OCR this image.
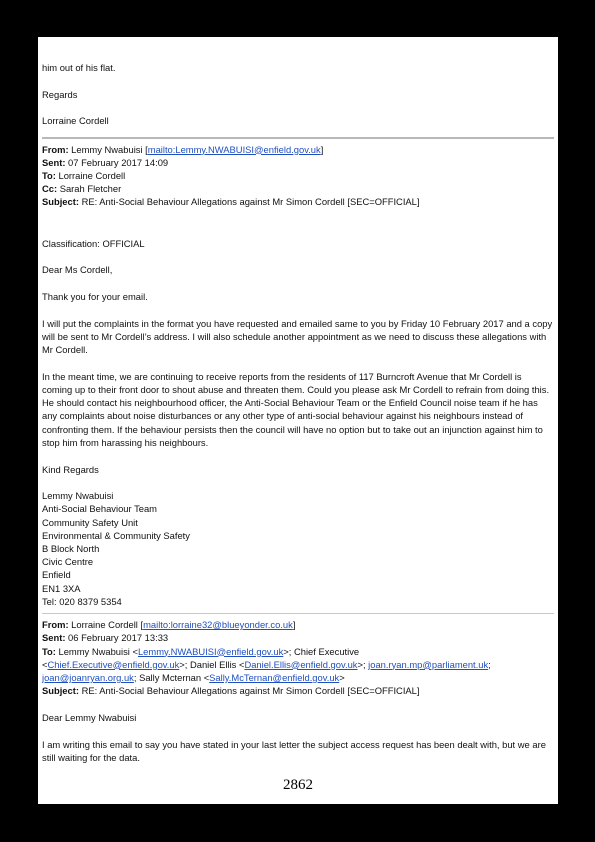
him out of his flat.

Regards

Lorraine Cordell

From: Lemmy Nwabuisi [mailto:Lemmy.NWABUISI@enfield.gov.uk]

Sent: 07 February 2017 14:09

To: Lorraine Cordell

Cc: Sarah Fletcher

Subject: RE: Anti-Social Behaviour Allegations against Mr Simon Cordell [SEC=OFFICIAL]

Classification: OFFICIAL

Dear Ms Cordell,

Thank you for your email.

I will put the complaints in the format you have requested and emailed same to you by Friday 10 February 2017 and a copy will be sent to Mr Cordell’s address. I will also schedule another appointment as we need to discuss these allegations with Mr Cordell.

In the meant time, we are continuing to receive reports from the residents of 117 Burncroft Avenue that Mr Cordell is coming up to their front door to shout abuse and threaten them. Could you please ask Mr Cordell to refrain from doing this. He should contact his neighbourhood officer, the Anti-Social Behaviour Team or the Enfield Council noise team if he has any complaints about noise disturbances or any other type of anti-social behaviour against his neighbours instead of confronting them. If the behaviour persists then the council will have no option but to take out an injunction against him to stop him from harassing his neighbours.

Kind Regards

Lemmy Nwabuisi

Anti-Social Behaviour Team

Community Safety Unit

Environmental & Community Safety

B Block North

Civic Centre

Enfield

EN1 3XA

Tel: 020 8379 5354

From: Lorraine Cordell [mailto:lorraine32@blueyonder.co.uk]

Sent: 06 February 2017 13:33

To: Lemmy Nwabuisi <Lemmy.NWABUISI@enfield.gov.uk>; Chief Executive

<Chief.Executive@enfield.gov.uk>; Daniel Ellis <Daniel.Ellis@enfield.gov.uk>; joan.ryan.mp@parliament.uk;

joan@joanryan.org.uk; Sally Mcternan <Sally.McTernan@enfield.gov.uk>

Subject: RE: Anti-Social Behaviour Allegations against Mr Simon Cordell [SEC=OFFICIAL]

Dear Lemmy Nwabuisi

I am writing this email to say you have stated in your last letter the subject access request has been dealt with, but we are still waiting for the data.

2862
